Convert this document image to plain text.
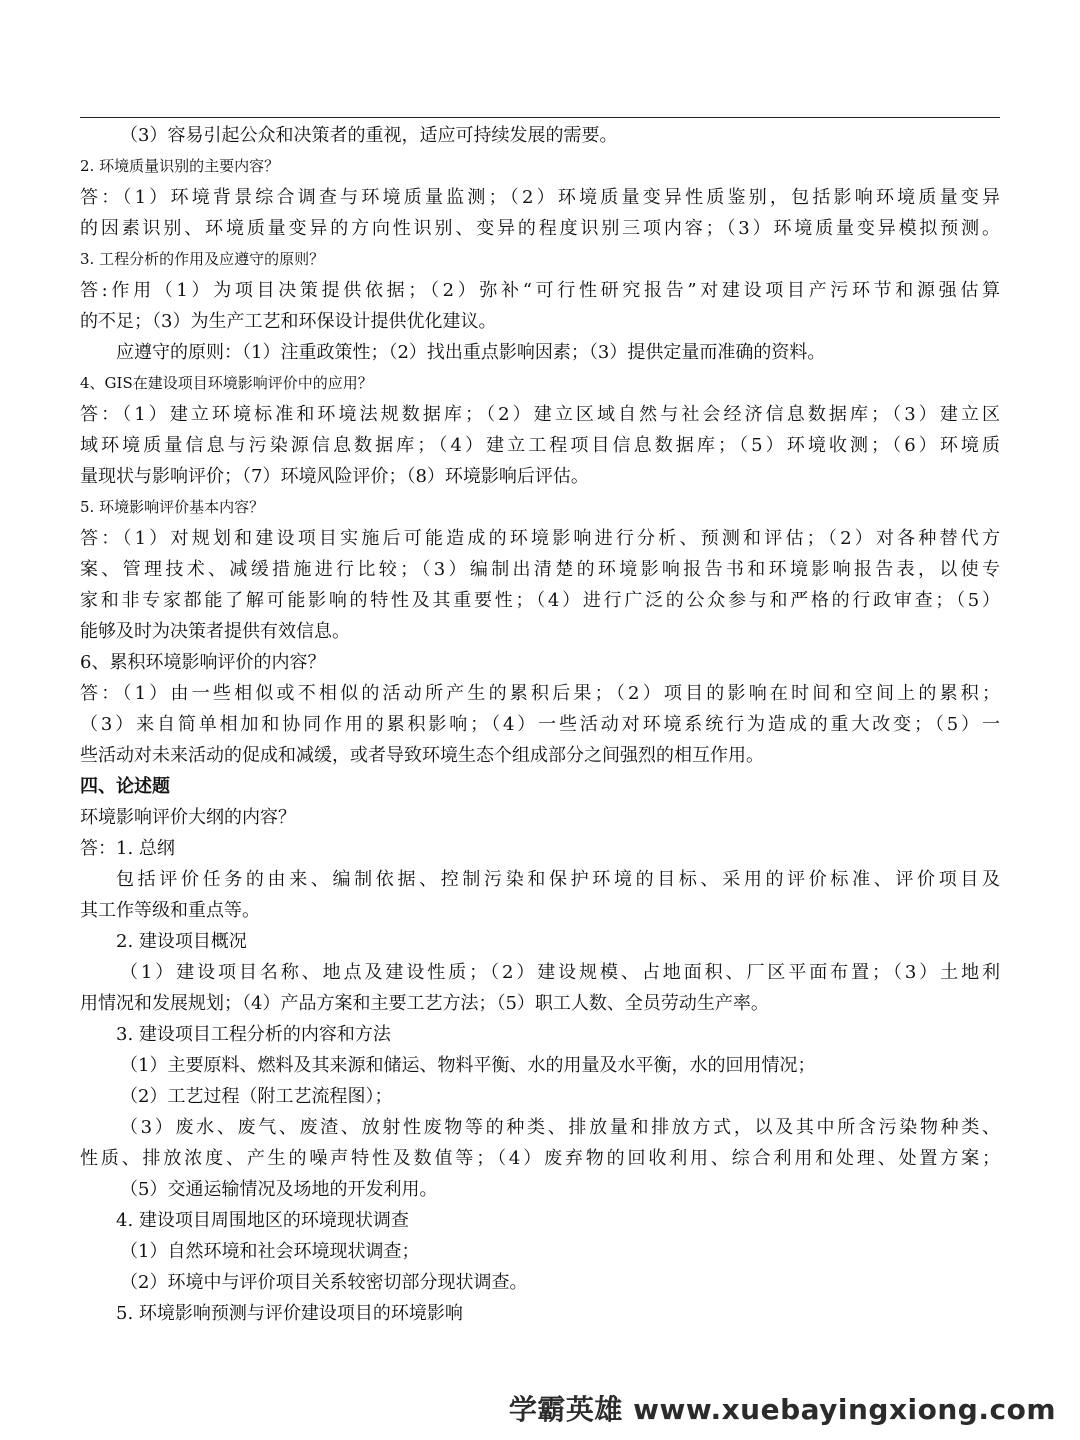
（3）容易引起公众和决策者的重视，适应可持续发展的需要。
2. 环境质量识别的主要内容？
答：（1）环境背景综合调查与环境质量监测；（2）环境质量变异性质鉴别，包括影响环境质量变异
的因素识别、环境质量变异的方向性识别、变异的程度识别三项内容；（3）环境质量变异模拟预测。
3. 工程分析的作用及应遵守的原则？
答:作用（1）为项目决策提供依据；（2）弥补“可行性研究报告”对建设项目产污环节和源强估算
的不足；（3）为生产工艺和环保设计提供优化建议。
应遵守的原则：（1）注重政策性；（2）找出重点影响因素；（3）提供定量而准确的资料。
4、GIS在建设项目环境影响评价中的应用？
答：（1）建立环境标准和环境法规数据库；（2）建立区域自然与社会经济信息数据库；（3）建立区
域环境质量信息与污染源信息数据库；（4）建立工程项目信息数据库；（5）环境收测；（6）环境质
量现状与影响评价；（7）环境风险评价；（8）环境影响后评估。
5. 环境影响评价基本内容？
答：（1）对规划和建设项目实施后可能造成的环境影响进行分析、预测和评估；（2）对各种替代方
案、管理技术、减缓措施进行比较；（3）编制出清楚的环境影响报告书和环境影响报告表，以使专
家和非专家都能了解可能影响的特性及其重要性；（4）进行广泛的公众参与和严格的行政审查；（5）
能够及时为决策者提供有效信息。
6、累积环境影响评价的内容？
答：（1）由一些相似或不相似的活动所产生的累积后果；（2）项目的影响在时间和空间上的累积；
（3）来自简单相加和协同作用的累积影响；（4）一些活动对环境系统行为造成的重大改变；（5）一
些活动对未来活动的促成和减缓，或者导致环境生态个组成部分之间强烈的相互作用。
四、论述题
环境影响评价大纲的内容？
答：1. 总纲
包括评价任务的由来、编制依据、控制污染和保护环境的目标、采用的评价标准、评价项目及
其工作等级和重点等。
2. 建设项目概况
（1）建设项目名称、地点及建设性质；（2）建设规模、占地面积、厂区平面布置；（3）土地利
用情况和发展规划；（4）产品方案和主要工艺方法；（5）职工人数、全员劳动生产率。
3. 建设项目工程分析的内容和方法
（1）主要原料、燃料及其来源和储运、物料平衡、水的用量及水平衡，水的回用情况；
（2）工艺过程（附工艺流程图）；
（3）废水、废气、废渣、放射性废物等的种类、排放量和排放方式，以及其中所含污染物种类、
性质、排放浓度、产生的噪声特性及数值等；（4）废弃物的回收利用、综合利用和处理、处置方案；
（5）交通运输情况及场地的开发利用。
4. 建设项目周围地区的环境现状调查
（1）自然环境和社会环境现状调查；
（2）环境中与评价项目关系较密切部分现状调查。
5. 环境影响预测与评价建设项目的环境影响
学霸英雄 www.xuebayingxiong.com
